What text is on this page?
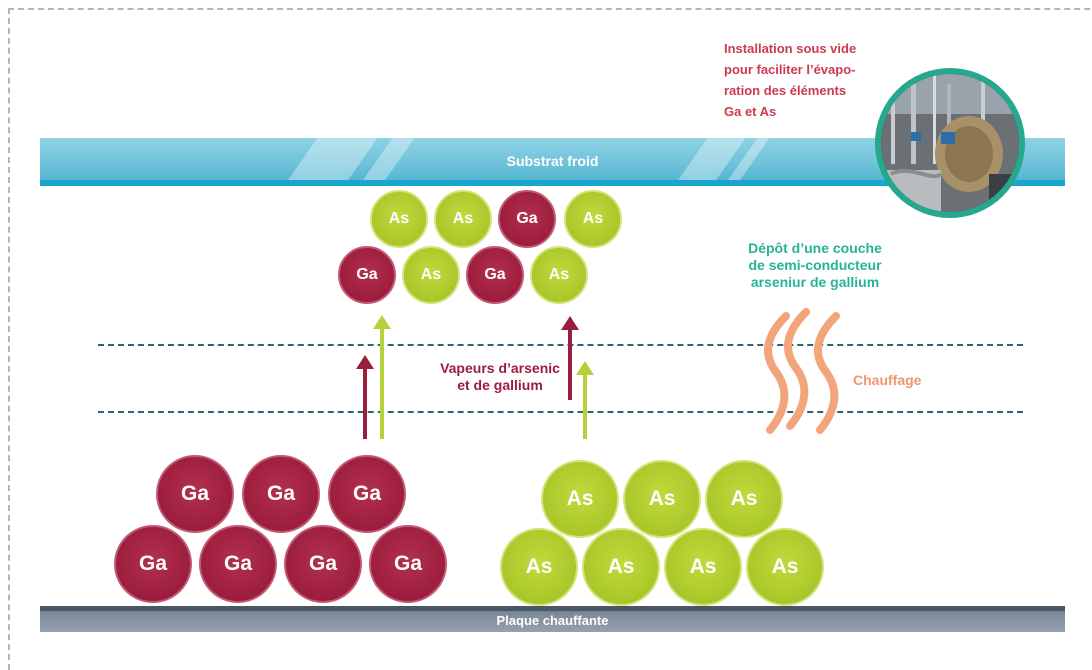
Substrat froid
As	As	Ga	As
Ga	As	Ga	As
Vapeurs d’arsenic
et de gallium
Dépôt d’une couche
de semi-conducteur
arseniur de gallium
Chauffage
Installation sous vide
pour faciliter l’évapo-
ration des éléments
Ga et As
Ga	Ga	Ga
Ga	Ga	Ga	Ga
As	As	As
As	As	As	As
Plaque chauffante
